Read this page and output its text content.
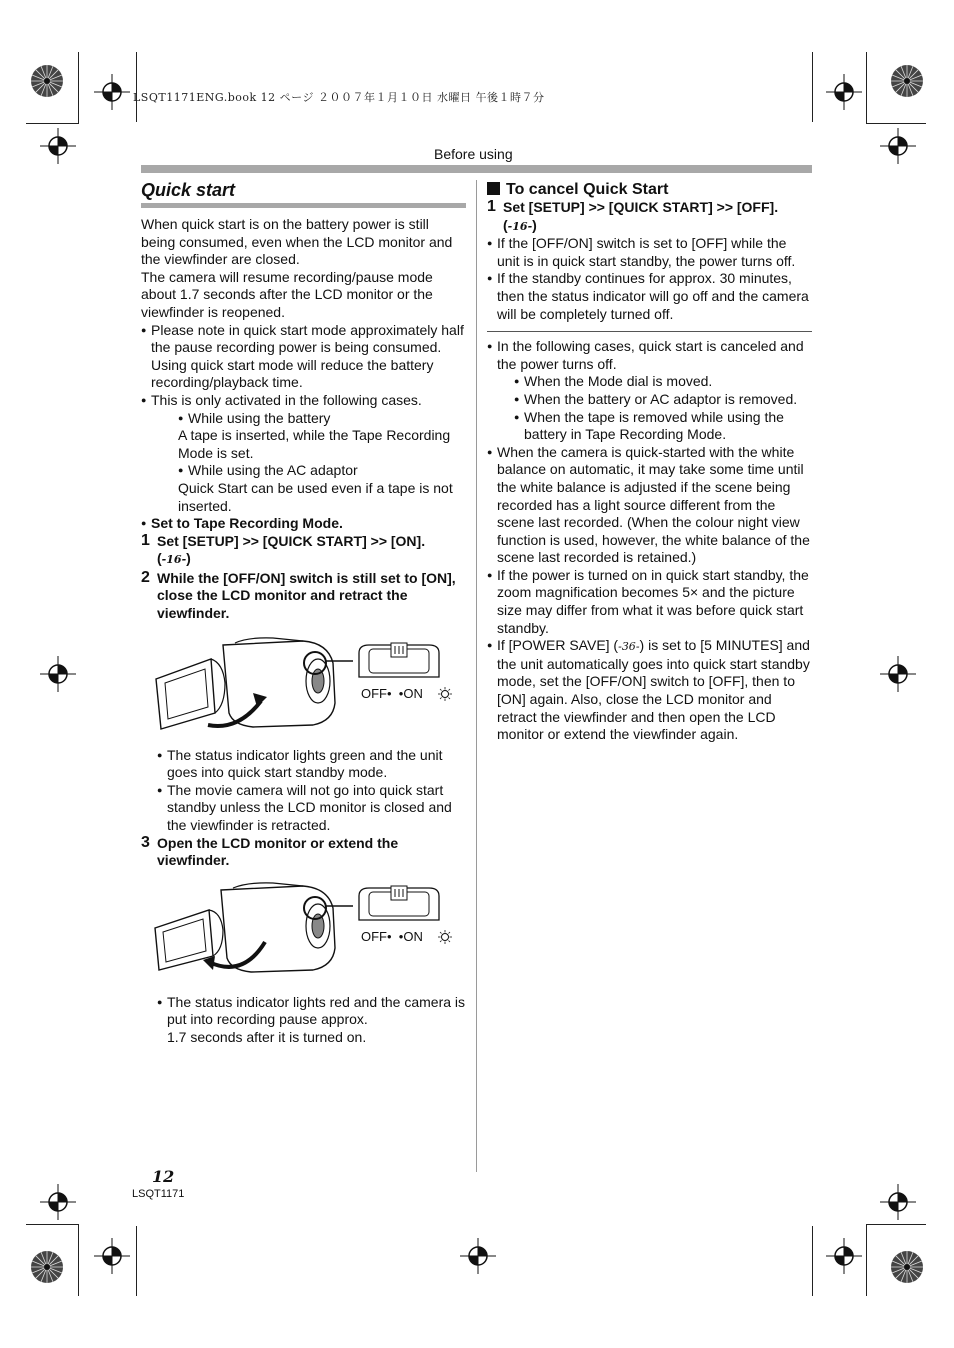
LSQT1171ENG.book 12 ページ ２００７年１月１０日 水曜日 午後１時７分
Before using
Quick start

When quick start is on the battery power is still being consumed, even when the LCD monitor and the viewfinder are closed.

The camera will resume recording/pause mode about 1.7 seconds after the LCD monitor or the viewfinder is reopened.

● Please note in quick start mode approximately half the pause recording power is being consumed. Using quick start mode will reduce the battery recording/playback time.
● This is only activated in the following cases.
● While using the battery
A tape is inserted, while the Tape Recording Mode is set.
● While using the AC adaptor
Quick Start can be used even if a tape is not inserted.
● Set to Tape Recording Mode.
1 Set [SETUP] >> [QUICK START] >> [ON].
(-16-)
2 While the [OFF/ON] switch is still set to [ON], close the LCD monitor and retract the viewfinder.
OFF•  •ON
● The status indicator lights green and the unit goes into quick start standby mode.
● The movie camera will not go into quick start standby unless the LCD monitor is closed and the viewfinder is retracted.
3 Open the LCD monitor or extend the viewfinder.
OFF•  •ON
● The status indicator lights red and the camera is put into recording pause approx.
1.7 seconds after it is turned on.
To cancel Quick Start
1 Set [SETUP] >> [QUICK START] >> [OFF].
(-16-)
● If the [OFF/ON] switch is set to [OFF] while the unit is in quick start standby, the power turns off.
● If the standby continues for approx. 30 minutes, then the status indicator will go off and the camera will be completely turned off.
● In the following cases, quick start is canceled and the power turns off.
● When the Mode dial is moved.
● When the battery or AC adaptor is removed.
● When the tape is removed while using the battery in Tape Recording Mode.
● When the camera is quick-started with the white balance on automatic, it may take some time until the white balance is adjusted if the scene being recorded has a light source different from the scene last recorded. (When the colour night view function is used, however, the white balance of the scene last recorded is retained.)
● If the power is turned on in quick start standby, the zoom magnification becomes 5× and the picture size may differ from what it was before quick start standby.
● If [POWER SAVE] (-36-) is set to [5 MINUTES] and the unit automatically goes into quick start standby mode, set the [OFF/ON] switch to [OFF], then to [ON] again. Also, close the LCD monitor and retract the viewfinder and then open the LCD monitor or extend the viewfinder again.
12
LSQT1171
